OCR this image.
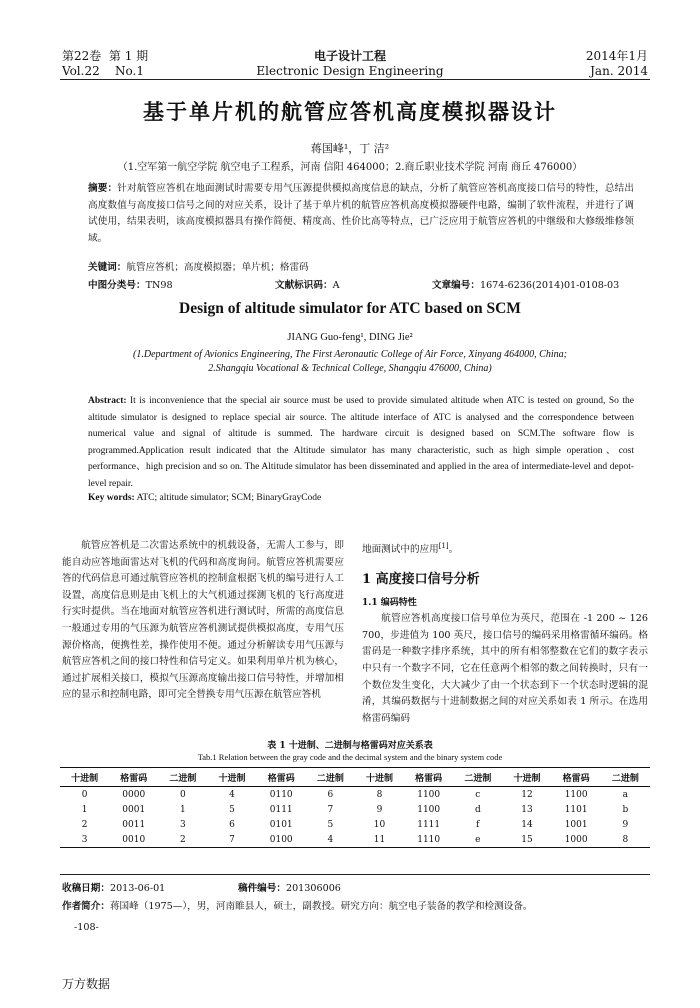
第22卷 第 1 期
Vol.22 No.1
电子设计工程
Electronic Design Engineering
2014年1月
Jan. 2014
基于单片机的航管应答机高度模拟器设计
蒋国峰¹，丁 洁²
（1.空军第一航空学院 航空电子工程系，河南 信阳 464000；2.商丘职业技术学院 河南 商丘 476000）
摘要：针对航管应答机在地面测试时需要专用气压源提供模拟高度信息的缺点，分析了航管应答机高度接口信号的特性，总结出高度数值与高度接口信号之间的对应关系，设计了基于单片机的航管应答机高度模拟器硬件电路，编制了软件流程，并进行了调试使用，结果表明，该高度模拟器具有操作简便、精度高、性价比高等特点，已广泛应用于航管应答机的中继级和大修级维修领域。
关键词：航管应答机；高度模拟器；单片机；格雷码
中图分类号：TN98	文献标识码：A	文章编号：1674-6236(2014)01-0108-03
Design of altitude simulator for ATC based on SCM
JIANG Guo-feng¹, DING Jie²
(1.Department of Avionics Engineering, The First Aeronautic College of Air Force, Xinyang 464000, China;
2.Shangqiu Vocational & Technical College, Shangqiu 476000, China)
Abstract: It is inconvenience that the special air source must be used to provide simulated altitude when ATC is tested on ground, So the altitude simulator is designed to replace special air source. The altitude interface of ATC is analysed and the correspondence between numerical value and signal of altitude is summed. The hardware circuit is designed based on SCM.The software flow is programmed.Application result indicated that the Altitude simulator has many characteristic, such as high simple operation、cost performance、high precision and so on. The Altitude simulator has been disseminated and applied in the area of intermediate-level and depot-level repair.
Key words: ATC; altitude simulator; SCM; BinaryGrayCode
航管应答机是二次雷达系统中的机载设备，无需人工参与，即能自动应答地面雷达对飞机的代码和高度询问。航管应答机需要应答的代码信息可通过航管应答机的控制盒根据飞机的编号进行人工设置，高度信息则是由飞机上的大气机通过探测飞机的飞行高度进行实时提供。当在地面对航管应答机进行测试时，所需的高度信息一般通过专用的气压源为航管应答机测试提供模拟高度，专用气压源价格高，便携性差，操作使用不便。通过分析解读专用气压源与航管应答机之间的接口特性和信号定义。如果利用单片机为核心，通过扩展相关接口，模拟气压源高度输出接口信号特性，并增加相应的显示和控制电路，即可完全替换专用气压源在航管应答机
地面测试中的应用[1]。
1 高度接口信号分析
1.1 编码特性
航管应答机高度接口信号单位为英尺，范围在 -1 200 ~ 126 700，步进值为 100 英尺，接口信号的编码采用格雷循环编码。格雷码是一种数字排序系统，其中的所有相邻整数在它们的数字表示中只有一个数字不同，它在任意两个相邻的数之间转换时，只有一个数位发生变化，大大减少了由一个状态到下一个状态时逻辑的混淆，其编码数据与十进制数据之间的对应关系如表 1 所示。在选用格雷码编码
表 1 十进制、二进制与格雷码对应关系表
Tab.1 Relation between the gray code and the decimal system and the binary system code
十进制	格雷码	二进制	十进制	格雷码	二进制	十进制	格雷码	二进制	十进制	格雷码	二进制
0	0000	0	4	0110	6	8	1100	c	12	1100	a
1	0001	1	5	0111	7	9	1100	d	13	1101	b
2	0011	3	6	0101	5	10	1111	f	14	1001	9
3	0010	2	7	0100	4	11	1110	e	15	1000	8
收稿日期：2013-06-01	稿件编号：201306006
作者简介：蒋国峰（1975—），男，河南睢县人，硕士，副教授。研究方向：航空电子装备的教学和检测设备。
-108-
万方数据
